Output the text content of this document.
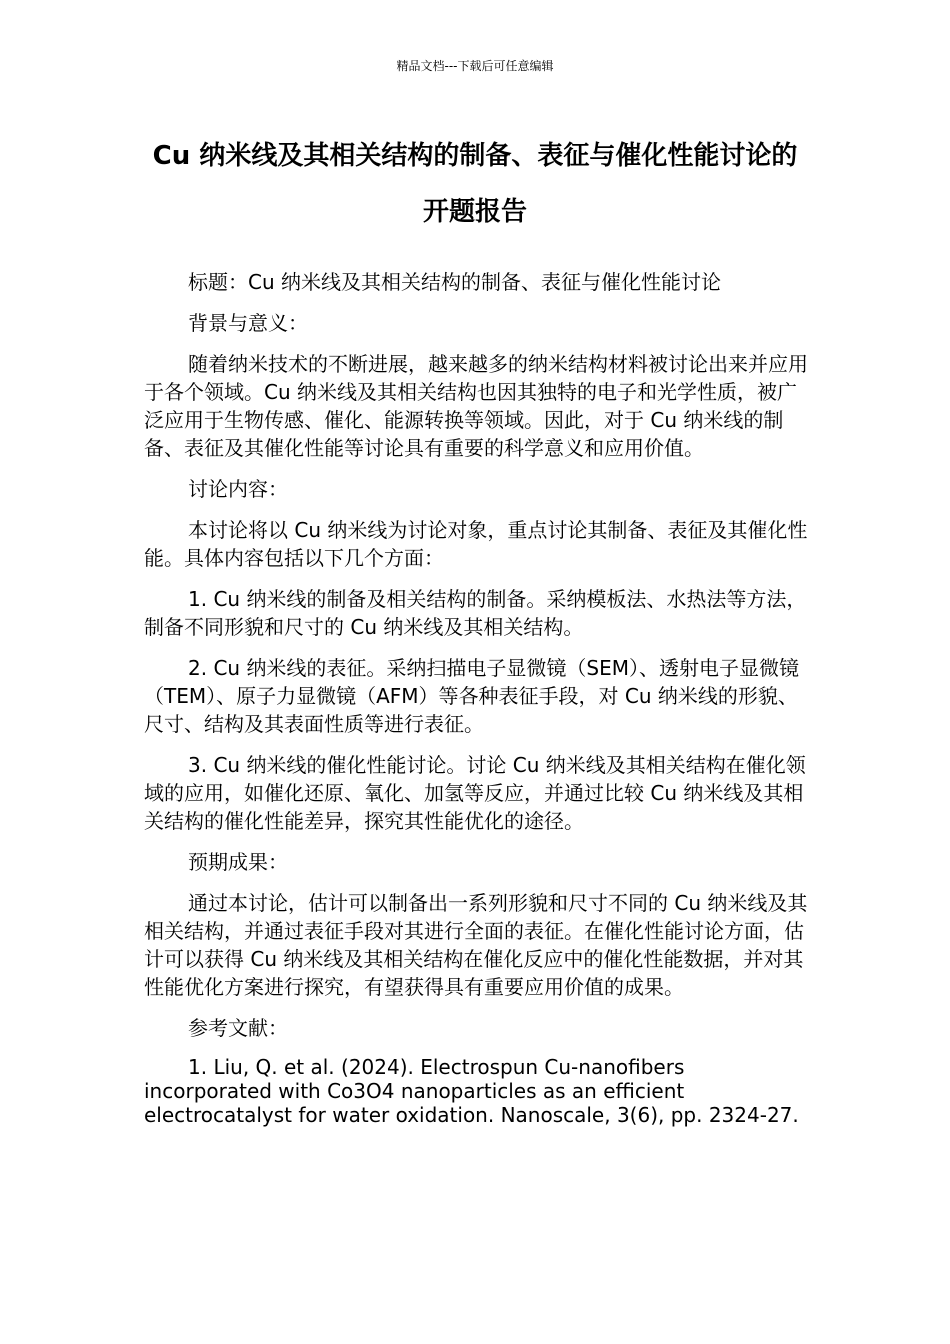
精品文档---下载后可任意编辑
Cu 纳米线及其相关结构的制备、表征与催化性能讨论的开题报告

标题：Cu 纳米线及其相关结构的制备、表征与催化性能讨论

背景与意义：

随着纳米技术的不断进展，越来越多的纳米结构材料被讨论出来并应用于各个领域。Cu 纳米线及其相关结构也因其独特的电子和光学性质，被广泛应用于生物传感、催化、能源转换等领域。因此，对于 Cu 纳米线的制备、表征及其催化性能等讨论具有重要的科学意义和应用价值。

讨论内容：

本讨论将以 Cu 纳米线为讨论对象，重点讨论其制备、表征及其催化性能。具体内容包括以下几个方面：

1. Cu 纳米线的制备及相关结构的制备。采纳模板法、水热法等方法，制备不同形貌和尺寸的 Cu 纳米线及其相关结构。

2. Cu 纳米线的表征。采纳扫描电子显微镜（SEM）、透射电子显微镜（TEM）、原子力显微镜（AFM）等各种表征手段，对 Cu 纳米线的形貌、尺寸、结构及其表面性质等进行表征。

3. Cu 纳米线的催化性能讨论。讨论 Cu 纳米线及其相关结构在催化领域的应用，如催化还原、氧化、加氢等反应，并通过比较 Cu 纳米线及其相关结构的催化性能差异，探究其性能优化的途径。

预期成果：

通过本讨论，估计可以制备出一系列形貌和尺寸不同的 Cu 纳米线及其相关结构，并通过表征手段对其进行全面的表征。在催化性能讨论方面，估计可以获得 Cu 纳米线及其相关结构在催化反应中的催化性能数据，并对其性能优化方案进行探究，有望获得具有重要应用价值的成果。

参考文献：

1. Liu, Q. et al. (2024). Electrospun Cu-nanofibers incorporated with Co3O4 nanoparticles as an efficient electrocatalyst for water oxidation. Nanoscale, 3(6), pp. 2324-27.
